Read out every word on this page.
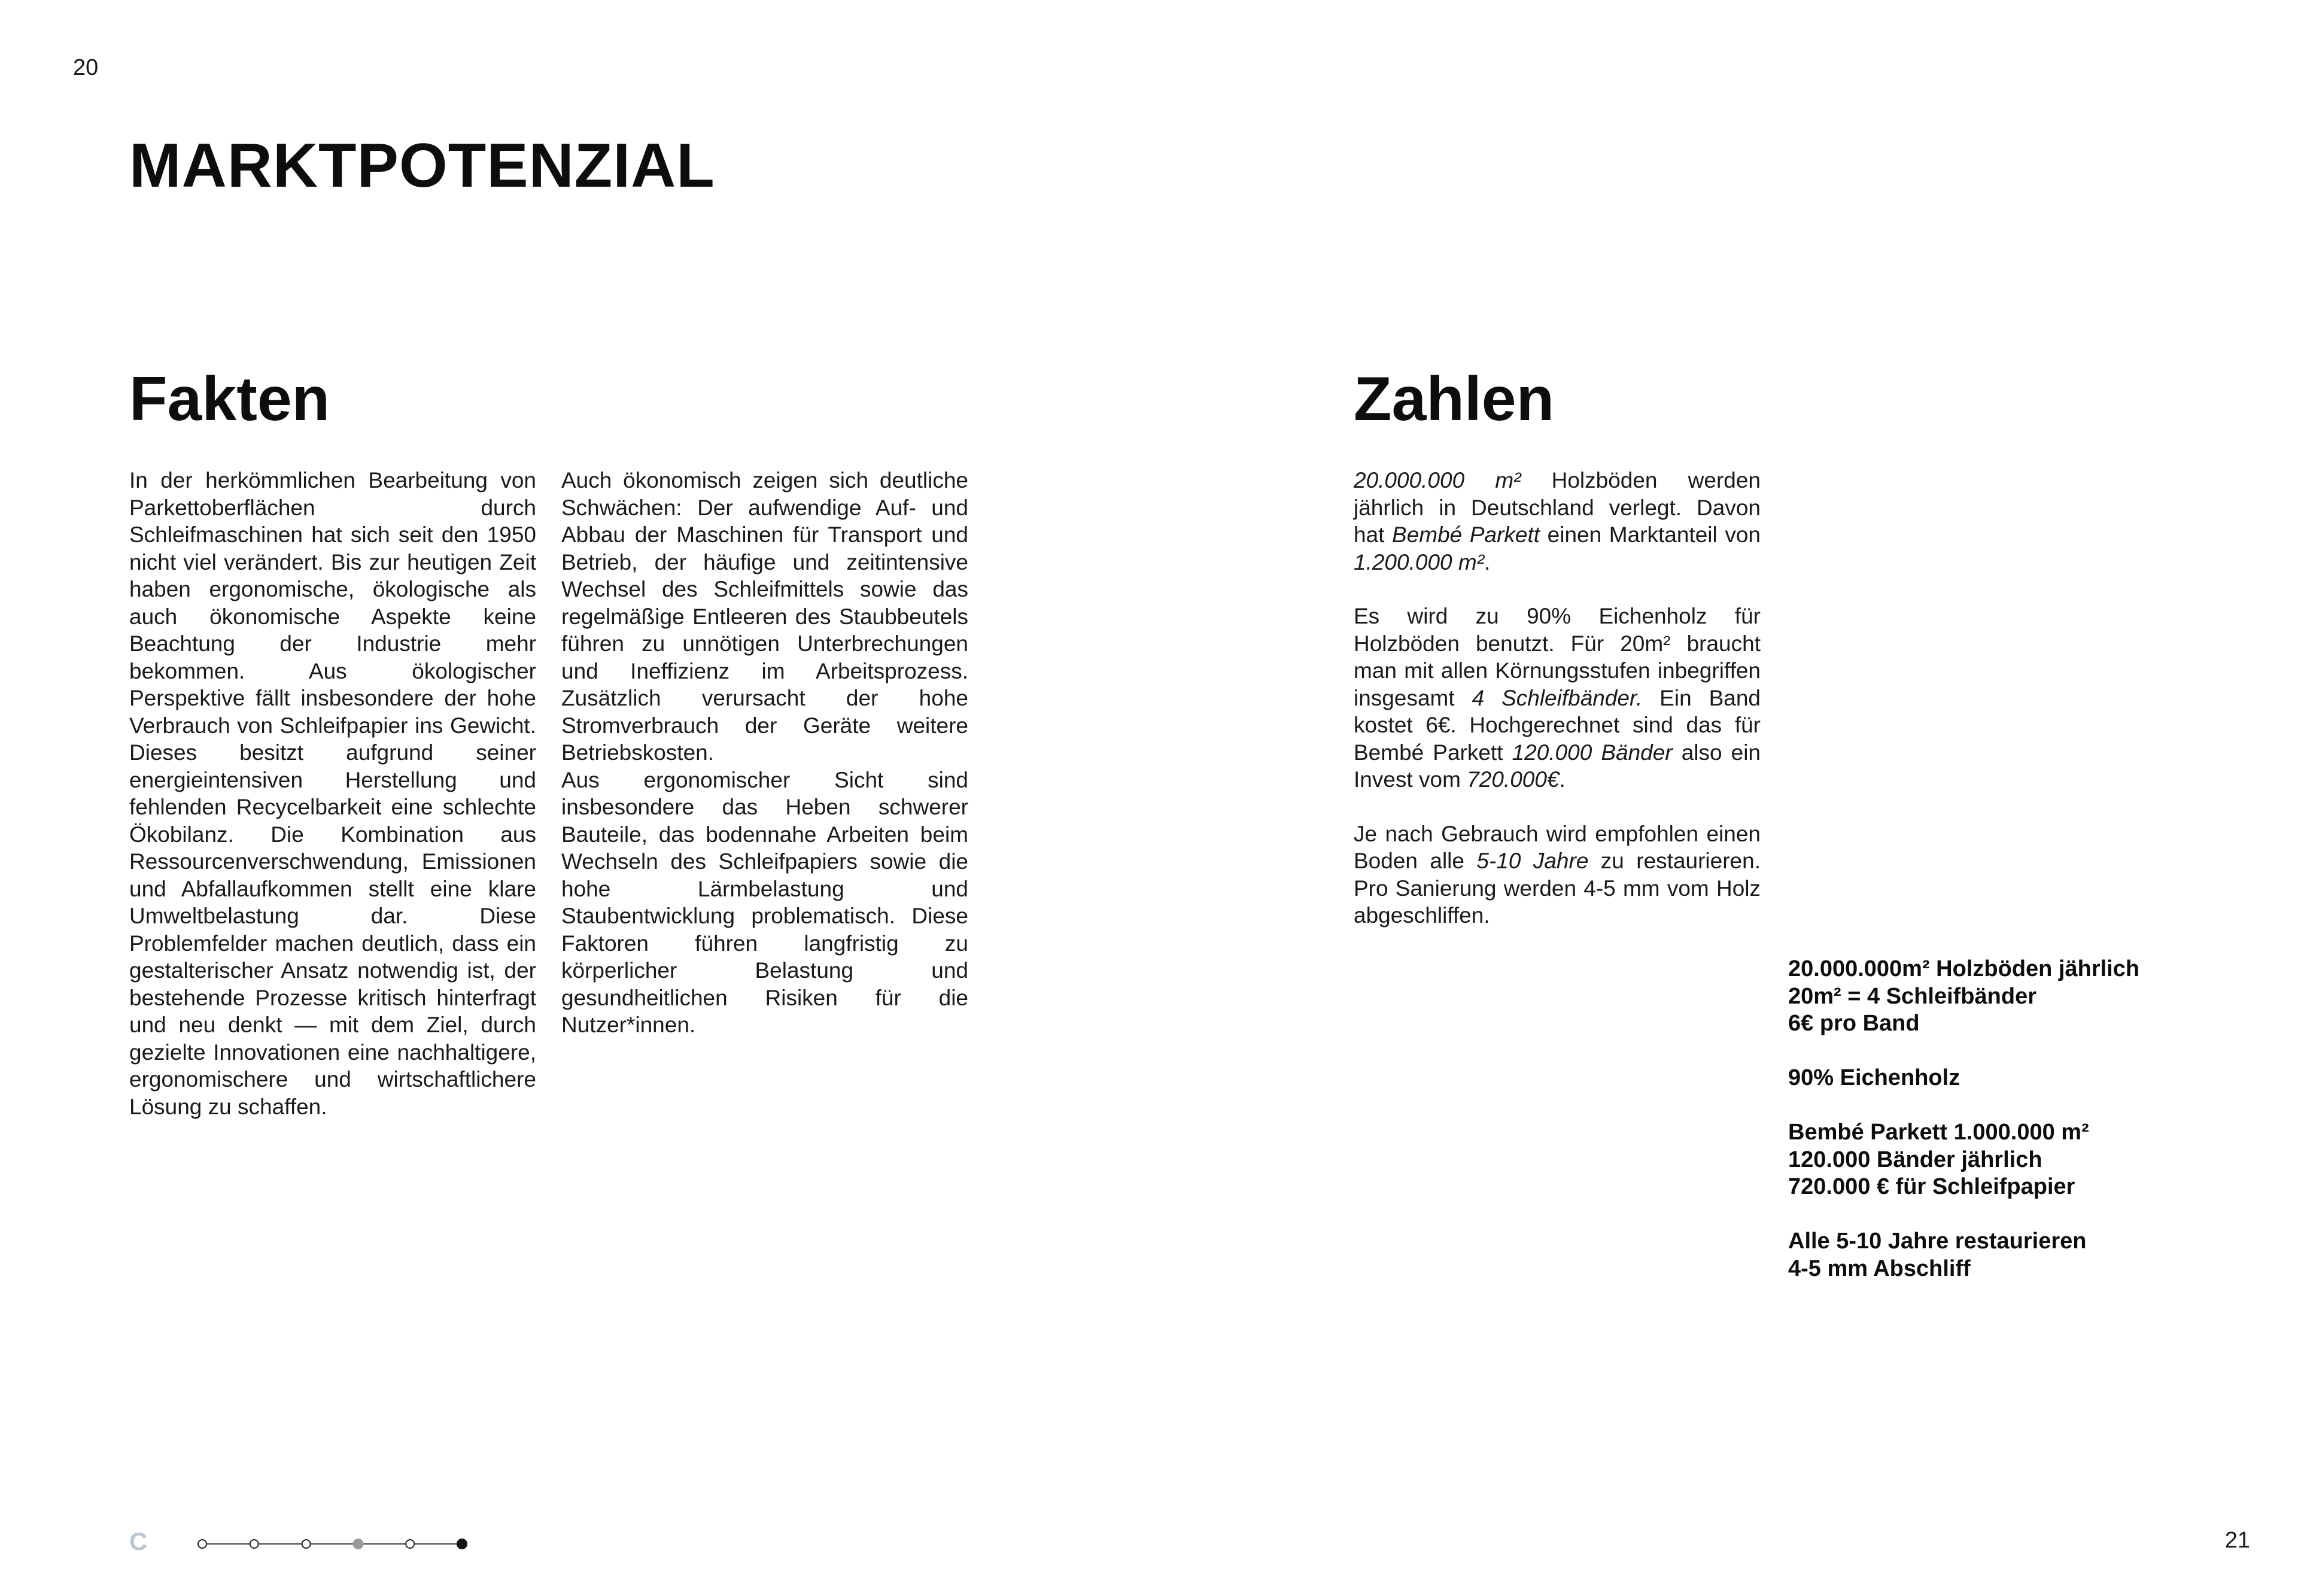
20
MARKTPOTENZIAL
Fakten	Zahlen

In der herkömmlichen Bearbeitung von Parkettoberflächen durch Schleifmaschinen hat sich seit den 1950 nicht viel verändert. Bis zur heutigen Zeit haben ergonomische, ökologische als auch ökonomische Aspekte keine Beachtung der Industrie mehr bekommen. Aus ökologischer Perspektive fällt insbesondere der hohe Verbrauch von Schleifpapier ins Gewicht. Dieses besitzt aufgrund seiner energieintensiven Herstellung und fehlenden Recycelbarkeit eine schlechte Ökobilanz. Die Kombination aus Ressourcenverschwendung, Emissionen und Abfallaufkommen stellt eine klare Umweltbelastung dar. Diese Problemfelder machen deutlich, dass ein gestalterischer Ansatz notwendig ist, der bestehende Prozesse kritisch hinterfragt und neu denkt — mit dem Ziel, durch gezielte Innovationen eine nachhaltigere, ergonomischere und wirtschaftlichere Lösung zu schaffen.

Auch ökonomisch zeigen sich deutliche Schwächen: Der aufwendige Auf- und Abbau der Maschinen für Transport und Betrieb, der häufige und zeitintensive Wechsel des Schleifmittels sowie das regelmäßige Entleeren des Staubbeutels führen zu unnötigen Unterbrechungen und Ineffizienz im Arbeitsprozess. Zusätzlich verursacht der hohe Stromverbrauch der Geräte weitere Betriebskosten.
Aus ergonomischer Sicht sind insbesondere das Heben schwerer Bauteile, das bodennahe Arbeiten beim Wechseln des Schleifpapiers sowie die hohe Lärmbelastung und Staubentwicklung problematisch. Diese Faktoren führen langfristig zu körperlicher Belastung und gesundheitlichen Risiken für die Nutzer*innen.

20.000.000 m² Holzböden werden jährlich in Deutschland verlegt. Davon hat Bembé Parkett einen Marktanteil von 1.200.000 m².

Es wird zu 90% Eichenholz für Holzböden benutzt. Für 20m² braucht man mit allen Körnungsstufen inbegriffen insgesamt 4 Schleifbänder. Ein Band kostet 6€. Hochgerechnet sind das für Bembé Parkett 120.000 Bänder also ein Invest vom 720.000€.

Je nach Gebrauch wird empfohlen einen Boden alle 5-10 Jahre zu restaurieren. Pro Sanierung werden 4-5 mm vom Holz abgeschliffen.

20.000.000m² Holzböden jährlich
20m² = 4 Schleifbänder
6€ pro Band
90% Eichenholz
Bembé Parkett 1.000.000 m²
120.000 Bänder jährlich
720.000 € für Schleifpapier
Alle 5-10 Jahre restaurieren
4-5 mm Abschliff
C	21
